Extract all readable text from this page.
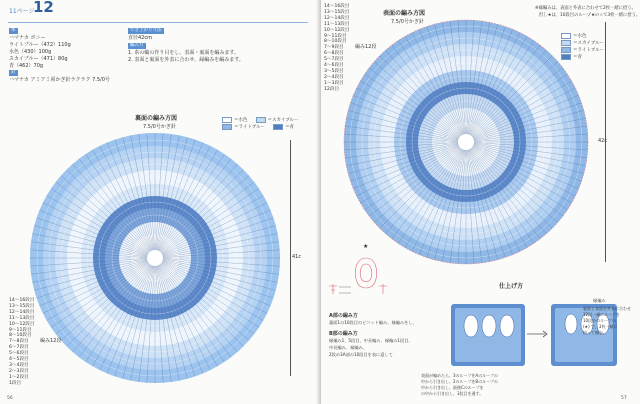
11ページ
12
糸
ハマナカ ボニー
ライトブルー（472）110g
水色（430）100g
スカイブルー（471）80g
青（462）70g
針
ハマナカ アミアミ両かぎ針ラクラク 7.5/0号
でき上がり寸法
直径42cm
編み方
1. 糸の輪の作り目をし、表面・裏面を編みます。
2. 表面と裏面を外表に合わせ、縁編みを編みます。
裏面の編み方図
7.5/0号かぎ針
＝水色	＝スカイブルー
＝ライトブルー	＝青
14～16段目
13～15段目
12～14段目
11～13段目
10～12段目
9～11段目
8～10段目
7～8段目
6～7段目
5～6段目
4～5段目
3～4段目
2～3段目
1～2段目
1段目
編み12段
41c
56
14～16段目
13～15段目
12～14段目
11～13段目
10～12段目
9～11段目
8～10段目
7～9段目
6～8段目
5～7段目
4～6段目
3～5段目
2～4段目
1～3段目
12段目
編み12段
表面の編み方図
7.5/0号かぎ針
※縁編みは、表面と外表に合わせて2枚一緒に拾う。
但し★は、10段目のループ★の☆て3枚一緒に拾う。
＝水色
＝スカイブルー
＝ライトブルー
＝青
42c
★
A部の編み方
B部の編み方
裏面1の10段目のピコット編み、縁編みをし、
縁編み1、5段目、中長編み、縁編み1段目、
中長編み、縁編み、
2段め3A部の10段目を表に返して
仕上げ方
縁編み
裏面と表面を外表に合わせ
12段一緒にループを
10段めのループの
(★) で、3枚一緒に
拾って編む。
表面が編めたら、3のループをAのループの
中から引き出し、2のループをBのループの
中から引き出し、最後Cのループを
の中から引き出し、3段目を通す。
57
